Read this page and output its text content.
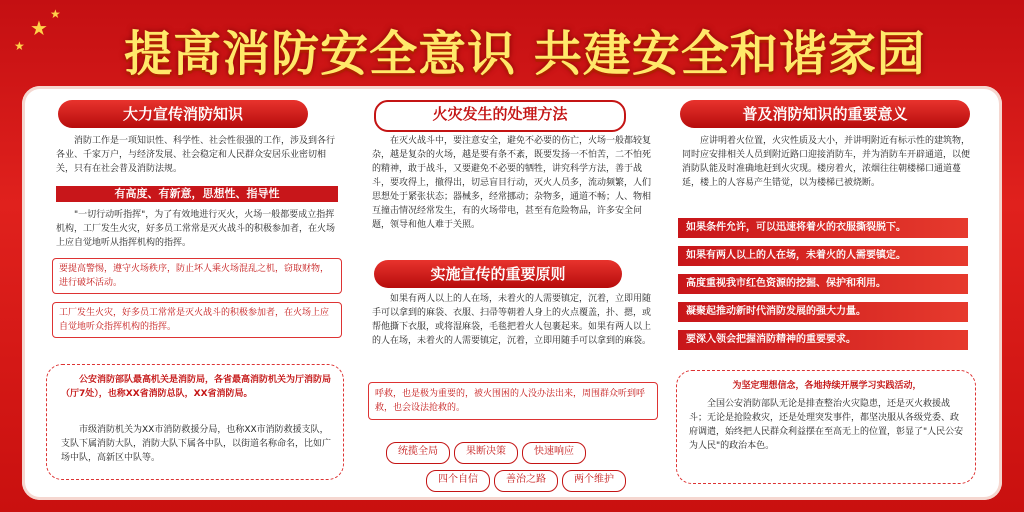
★
★
★
提高消防安全意识 共建安全和谐家园
大力宣传消防知识

消防工作是一项知识性、科学性、社会性很强的工作，涉及到各行各业、千家万户，与经济发展、社会稳定和人民群众安居乐业密切相关，只有在社会普及消防法规。

有高度、有新意，思想性、指导性

"一切行动听指挥"，为了有效地进行灭火，火场一般都要成立指挥机构，工厂发生火灾，好多员工常常是灭火战斗的积极参加者，在火场上应自觉地听从指挥机构的指挥。

要提高警惕，遵守火场秩序，防止坏人乘火场混乱之机，窃取财物，进行破坏活动。

工厂发生火灾，好多员工常常是灭火战斗的积极参加者，在火场上应自觉地听众指挥机构的指挥。

公安消防部队最高机关是消防局，各省最高消防机关为厅消防局（厅7处），也称XX省消防总队，XX省消防局。

市级消防机关为XX市消防救援分局，也称XX市消防救援支队，支队下属消防大队，消防大队下属各中队，以街道名称命名，比如广场中队，高新区中队等。

火灾发生的处理方法

在灭火战斗中，要注意安全，避免不必要的伤亡，火场一般都较复杂，越是复杂的火场，越是要有条不紊，既要发扬一不怕苦，二不怕死的精神，敢于战斗，又要避免不必要的牺牲，讲究科学方法，善于战斗，要攻得上，撤得出，切忌盲目行动，灭火人员多，流动频繁，人们思想处于紧张状态；器械多，经常挪动；杂物多，通道不畅；人、物相互撞击情况经常发生，有的火场带电，甚至有危险物品，许多安全问题，领导和他人难于关照。

实施宣传的重要原则

如果有两人以上的人在场，未着火的人需要镇定，沉着，立即用随手可以拿到的麻袋、衣服、扫帚等朝着人身上的火点覆盖，扑、摁，或帮他撕下衣服，或将湿麻袋，毛毯把着火人包裹起来。如果有两人以上的人在场，未着火的人需要镇定，沉着，立即用随手可以拿到的麻袋。

呼救，也是极为重要的，被火围困的人没办法出来，周围群众听到呼救，也会设法抢救的。

统揽全局	果断决策	快速响应
四个自信	善治之路	两个维护
普及消防知识的重要意义

应讲明着火位置，火灾性质及大小，并讲明附近有标示性的建筑物，同时应安排相关人员到附近路口迎接消防车，并为消防车开辟通道，以便消防队能及时准确地赶到火灾现。楼房着火，浓烟往往朝楼梯口通道蔓延，楼上的人容易产生错觉，以为楼梯已被烧断。

如果条件允许，可以迅速将着火的衣服撕裂脱下。
如果有两人以上的人在场，未着火的人需要镇定。
高度重视我市红色资源的挖掘、保护和利用。
凝聚起推动新时代消防发展的强大力量。
要深入领会把握消防精神的重要要求。

为坚定理想信念，各地持续开展学习实践活动，

全国公安消防部队无论是排查整治火灾隐患，还是灭火救援战斗；无论是抢险救灾，还是处理突发事件，都坚决服从各级党委、政府调遣，始终把人民群众利益摆在至高无上的位置，彰显了"人民公安为人民"的政治本色。
